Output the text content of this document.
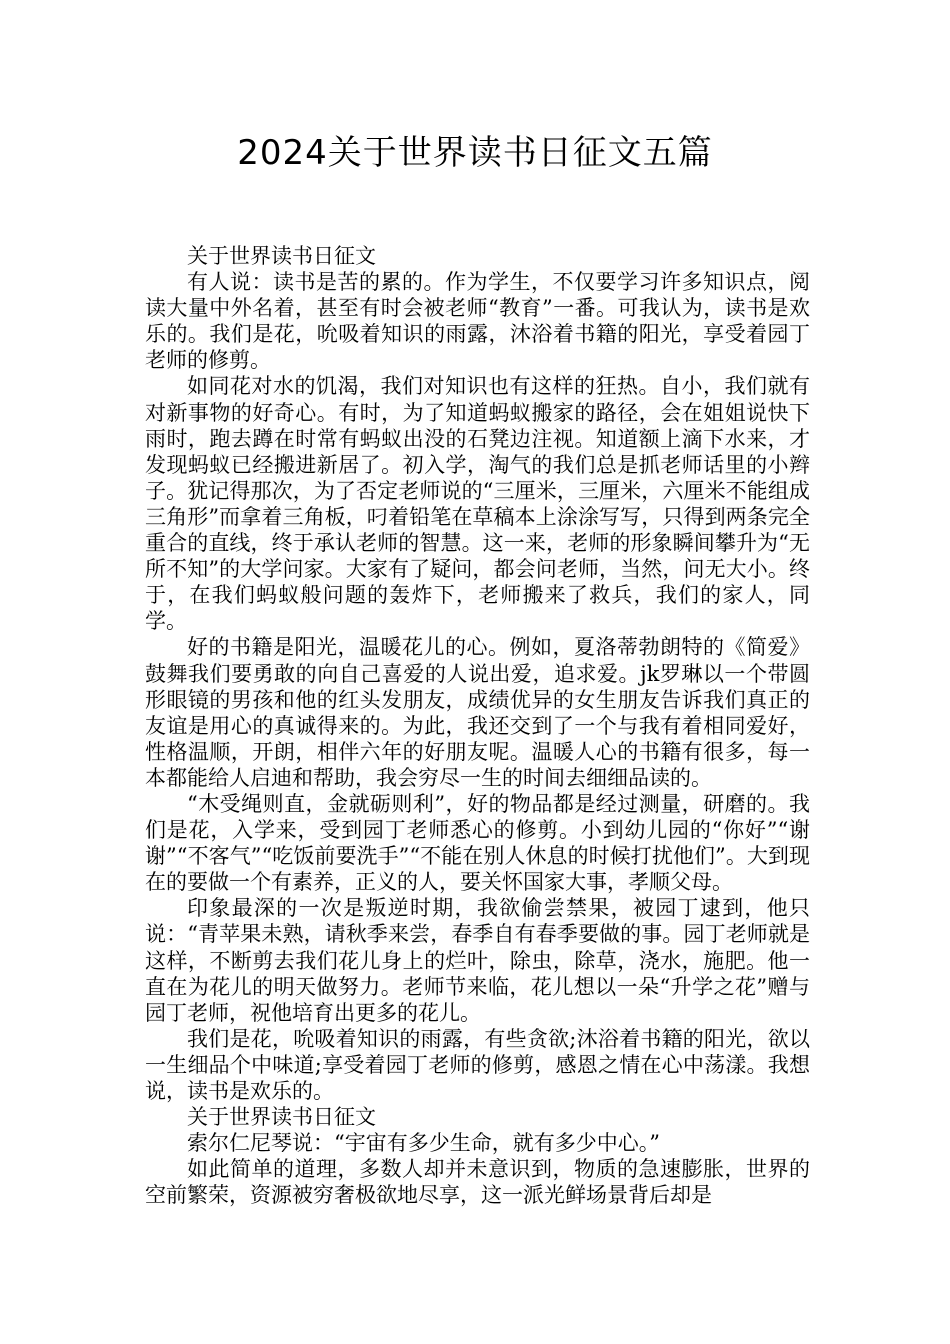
2024关于世界读书日征文五篇

关于世界读书日征文

有人说：读书是苦的累的。作为学生，不仅要学习许多知识点，阅读大量中外名着，甚至有时会被老师“教育”一番。可我认为，读书是欢乐的。我们是花，吮吸着知识的雨露，沐浴着书籍的阳光，享受着园丁老师的修剪。

如同花对水的饥渴，我们对知识也有这样的狂热。自小，我们就有对新事物的好奇心。有时，为了知道蚂蚁搬家的路径，会在姐姐说快下雨时，跑去蹲在时常有蚂蚁出没的石凳边注视。知道额上滴下水来，才发现蚂蚁已经搬进新居了。初入学，淘气的我们总是抓老师话里的小辫子。犹记得那次，为了否定老师说的“三厘米，三厘米，六厘米不能组成三角形”而拿着三角板，叼着铅笔在草稿本上涂涂写写，只得到两条完全重合的直线，终于承认老师的智慧。这一来，老师的形象瞬间攀升为“无所不知”的大学问家。大家有了疑问，都会问老师，当然，问无大小。终于，在我们蚂蚁般问题的轰炸下，老师搬来了救兵，我们的家人，同学。

好的书籍是阳光，温暖花儿的心。例如，夏洛蒂勃朗特的《简爱》鼓舞我们要勇敢的向自己喜爱的人说出爱，追求爱。jk罗琳以一个带圆形眼镜的男孩和他的红头发朋友，成绩优异的女生朋友告诉我们真正的友谊是用心的真诚得来的。为此，我还交到了一个与我有着相同爱好，性格温顺，开朗，相伴六年的好朋友呢。温暖人心的书籍有很多，每一本都能给人启迪和帮助，我会穷尽一生的时间去细细品读的。

“木受绳则直，金就砺则利”，好的物品都是经过测量，研磨的。我们是花，入学来，受到园丁老师悉心的修剪。小到幼儿园的“你好”“谢谢”“不客气”“吃饭前要洗手”“不能在别人休息的时候打扰他们”。大到现在的要做一个有素养，正义的人，要关怀国家大事，孝顺父母。

印象最深的一次是叛逆时期，我欲偷尝禁果，被园丁逮到，他只说：“青苹果未熟，请秋季来尝，春季自有春季要做的事。园丁老师就是这样，不断剪去我们花儿身上的烂叶，除虫，除草，浇水，施肥。他一直在为花儿的明天做努力。老师节来临，花儿想以一朵“升学之花”赠与园丁老师，祝他培育出更多的花儿。

我们是花，吮吸着知识的雨露，有些贪欲;沐浴着书籍的阳光，欲以一生细品个中味道;享受着园丁老师的修剪，感恩之情在心中荡漾。我想说，读书是欢乐的。

关于世界读书日征文

索尔仁尼琴说：“宇宙有多少生命，就有多少中心。”

如此简单的道理，多数人却并未意识到，物质的急速膨胀，世界的空前繁荣，资源被穷奢极欲地尽享，这一派光鲜场景背后却是
